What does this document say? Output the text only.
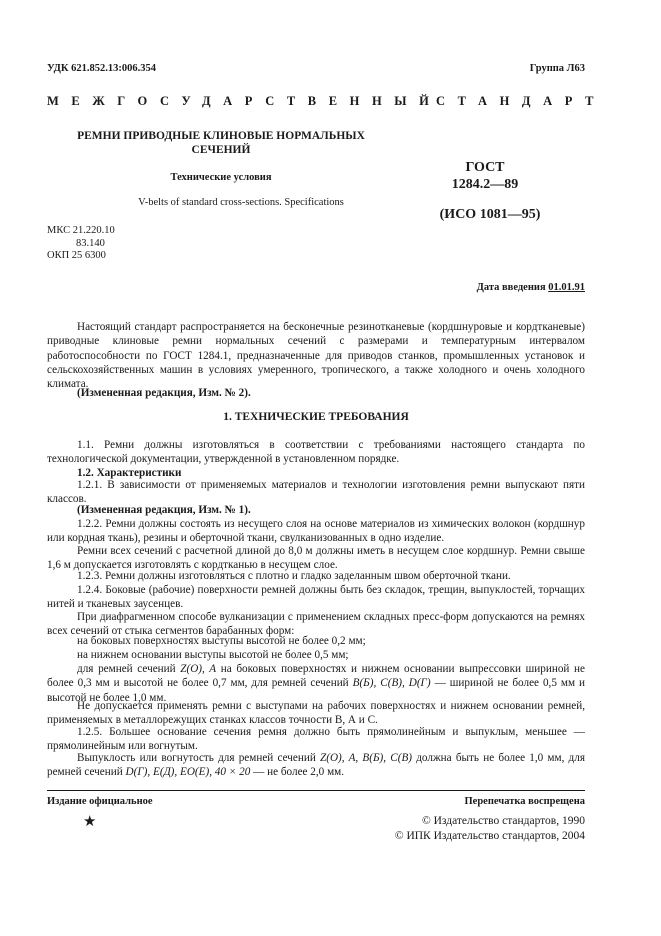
УДК 621.852.13:006.354	Группа Л63
МЕЖГОСУДАРСТВЕННЫЙ
СТАНДАРТ
РЕМНИ ПРИВОДНЫЕ КЛИНОВЫЕ НОРМАЛЬНЫХ
СЕЧЕНИЙ
Технические условия
V-belts of standard cross-sections. Specifications
ГОСТ
1284.2—89
(ИСО 1081—95)
МКС 21.220.10
83.140
ОКП 25 6300
Дата введения 01.01.91
Настоящий стандарт распространяется на бесконечные резинотканевые (кордшнуровые и кордтканевые) приводные клиновые ремни нормальных сечений с размерами и температурным интервалом работоспособности по ГОСТ 1284.1, предназначенные для приводов станков, промышленных установок и сельскохозяйственных машин в условиях умеренного, тропического, а также холодного и очень холодного климата.
(Измененная редакция, Изм. № 2).
1. ТЕХНИЧЕСКИЕ ТРЕБОВАНИЯ
1.1. Ремни должны изготовляться в соответствии с требованиями настоящего стандарта по технологической документации, утвержденной в установленном порядке.
1.2. Характеристики
1.2.1. В зависимости от применяемых материалов и технологии изготовления ремни выпускают пяти классов.
(Измененная редакция, Изм. № 1).
1.2.2. Ремни должны состоять из несущего слоя на основе материалов из химических волокон (кордшнур или кордная ткань), резины и оберточной ткани, свулканизованных в одно изделие.
Ремни всех сечений с расчетной длиной до 8,0 м должны иметь в несущем слое кордшнур. Ремни свыше 1,6 м допускается изготовлять с кордтканью в несущем слое.
1.2.3. Ремни должны изготовляться с плотно и гладко заделанным швом оберточной ткани.
1.2.4. Боковые (рабочие) поверхности ремней должны быть без складок, трещин, выпуклостей, торчащих нитей и тканевых заусенцев.
При диафрагменном способе вулканизации с применением складных пресс-форм допускаются на ремнях всех сечений от стыка сегментов барабанных форм:
на боковых поверхностях выступы высотой не более 0,2 мм;
на нижнем основании выступы высотой не более 0,5 мм;
для ремней сечений Z(O), A на боковых поверхностях и нижнем основании выпрессовки шириной не более 0,3 мм и высотой не более 0,7 мм, для ремней сечений B(Б), C(B), D(Г) — шириной не более 0,5 мм и высотой не более 1,0 мм.
Не допускается применять ремни с выступами на рабочих поверхностях и нижнем основании ремней, применяемых в металлорежущих станках классов точности В, А и С.
1.2.5. Большее основание сечения ремня должно быть прямолинейным и выпуклым, меньшее — прямолинейным или вогнутым.
Выпуклость или вогнутость для ремней сечений Z(O), A, B(Б), C(B) должна быть не более 1,0 мм, для ремней сечений D(Г), E(Д), EO(E), 40 × 20 — не более 2,0 мм.
Издание официальное	Перепечатка воспрещена
★	© Издательство стандартов, 1990
© ИПК Издательство стандартов, 2004
